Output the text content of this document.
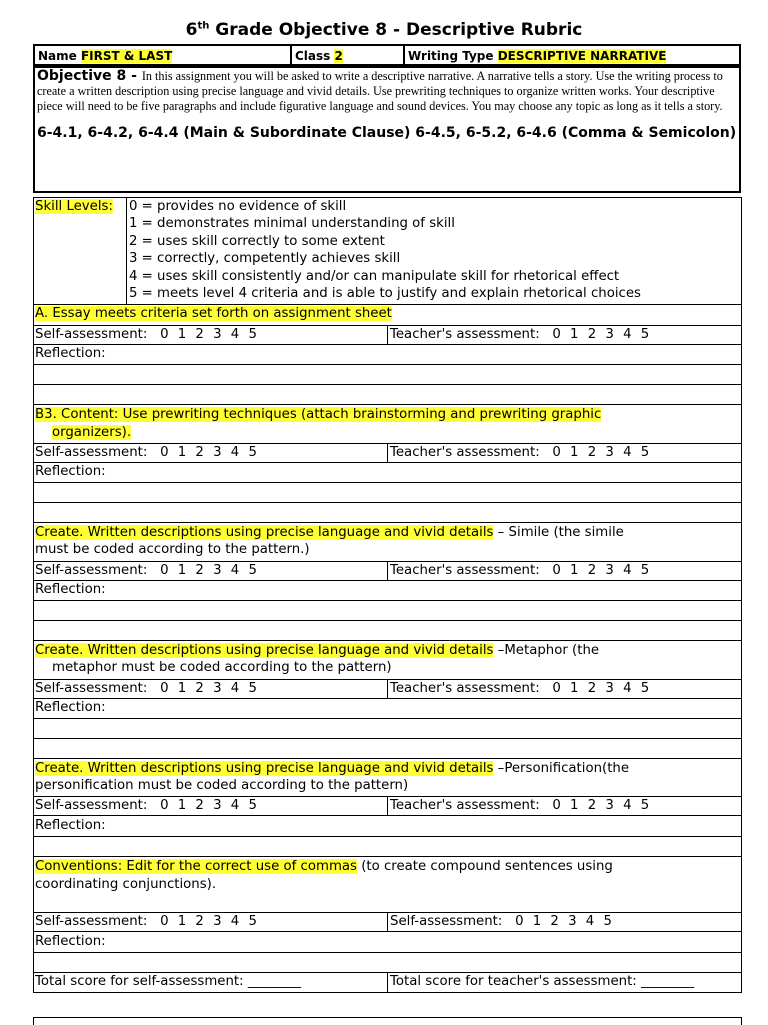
6th Grade Objective 8 - Descriptive Rubric
Name FIRST & LAST	Class 2	Writing Type DESCRIPTIVE NARRATIVE
Objective 8 - In this assignment you will be asked to write a descriptive narrative. A narrative tells a story. Use the writing process to create a written description using precise language and vivid details. Use prewriting techniques to organize written works. Your descriptive piece will need to be five paragraphs and include figurative language and sound devices. You may choose any topic as long as it tells a story.
6-4.1, 6-4.2, 6-4.4 (Main & Subordinate Clause) 6-4.5, 6-5.2, 6-4.6 (Comma & Semicolon)
Skill Levels: 0 = provides no evidence of skill
1 = demonstrates minimal understanding of skill
2 = uses skill correctly to some extent
3 = correctly, competently achieves skill
4 = uses skill consistently and/or can manipulate skill for rhetorical effect
5 = meets level 4 criteria and is able to justify and explain rhetorical choices
A. Essay meets criteria set forth on assignment sheet
Self-assessment: 0 1 2 3 4 5	Teacher's assessment: 0 1 2 3 4 5
Reflection:
B3. Content: Use prewriting techniques (attach brainstorming and prewriting graphic
organizers).
Self-assessment: 0 1 2 3 4 5	Teacher's assessment: 0 1 2 3 4 5
Reflection:
Create. Written descriptions using precise language and vivid details – Simile (the simile
must be coded according to the pattern.)
Self-assessment: 0 1 2 3 4 5	Teacher's assessment: 0 1 2 3 4 5
Reflection:
Create. Written descriptions using precise language and vivid details –Metaphor (the
metaphor must be coded according to the pattern)
Self-assessment: 0 1 2 3 4 5	Teacher's assessment: 0 1 2 3 4 5
Reflection:
Create. Written descriptions using precise language and vivid details –Personification(the
personification must be coded according to the pattern)
Self-assessment: 0 1 2 3 4 5	Teacher's assessment: 0 1 2 3 4 5
Reflection:
Conventions: Edit for the correct use of commas (to create compound sentences using
coordinating conjunctions).
Self-assessment: 0 1 2 3 4 5	Self-assessment: 0 1 2 3 4 5
Reflection:
Total score for self-assessment: ________	Total score for teacher's assessment: ________
